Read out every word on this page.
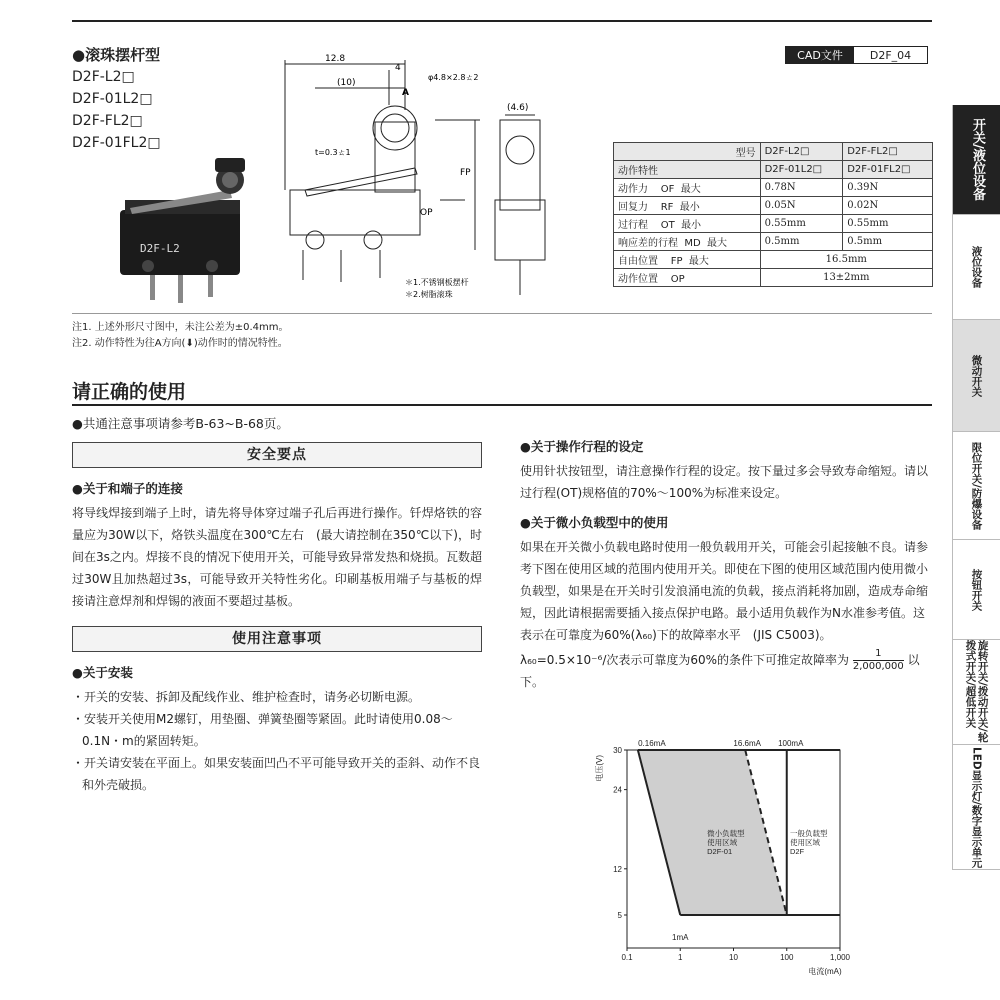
●滚珠摆杆型
D2F-L2□
D2F-01L2□
D2F-FL2□
D2F-01FL2□
CAD文件	D2F_04
D2F-L2
12.8
(10)
4
φ4.8×2.8ㄊ2
t=0.3ㄊ1
A
FP
OP
(4.6)
＊1.不锈钢板摆杆
＊2.树脂滚珠
型号	D2F-L2□	D2F-FL2□
动作特性	D2F-01L2□	D2F-01FL2□
动作力 OF 最大	0.78N	0.39N
回复力 RF 最小	0.05N	0.02N
过行程 OT 最小	0.55mm	0.55mm
响应差的行程 MD 最大	0.5mm	0.5mm
自由位置 FP 最大	16.5mm	
动作位置 OP	13±2mm	
注1. 上述外形尺寸图中，未注公差为±0.4mm。
注2. 动作特性为往A方向(⬇)动作时的情况特性。
请正确的使用
●共通注意事项请参考B-63~B-68页。
安全要点
●关于和端子的连接
将导线焊接到端子上时，请先将导体穿过端子孔后再进行操作。钎焊烙铁的容量应为30W以下，烙铁头温度在300℃左右　(最大请控制在350℃以下)，时间在3s之内。焊接不良的情况下使用开关，可能导致异常发热和烧损。瓦数超过30W且加热超过3s，可能导致开关特性劣化。印刷基板用端子与基板的焊接请注意焊剂和焊锡的液面不要超过基板。
使用注意事项
●关于安装
・开关的安装、拆卸及配线作业、维护检查时，请务必切断电源。
・安装开关使用M2螺钉，用垫圈、弹簧垫圈等紧固。此时请使用0.08～0.1N・m的紧固转矩。
・开关请安装在平面上。如果安装面凹凸不平可能导致开关的歪斜、动作不良和外壳破损。
●关于操作行程的设定
使用针状按钮型，请注意操作行程的设定。按下量过多会导致寿命缩短。请以过行程(OT)规格值的70%～100%为标准来设定。
●关于微小负载型中的使用
如果在开关微小负载电路时使用一般负载用开关，可能会引起接触不良。请参考下图在使用区域的范围内使用开关。即使在下图的使用区域范围内使用微小负载型，如果是在开关时引发浪涌电流的负载，接点消耗将加剧，造成寿命缩短，因此请根据需要插入接点保护电路。最小适用负载作为N水准参考值。这表示在可靠度为60%(λ₆₀)下的故障率水平　(JIS C5003)。
λ₆₀=0.5×10⁻⁶/次表示可靠度为60%的条件下可推定故障率为 $\frac{1}{2,000,000}$ 以下。
5
12
24
30
0.1	1	10	100	1,000
电压(V)
电流(mA)
0.16mA	16.6mA 100mA
1mA
微小负载型
使用区域
D2F-01
一般负载型
使用区域
D2F
开关/液位设备
液位设备
微动开关
限位开关/防爆设备
按钮开关
旋转开关/拨动开关/轮拨式开关/超低开关
LED显示灯/数字显示单元
